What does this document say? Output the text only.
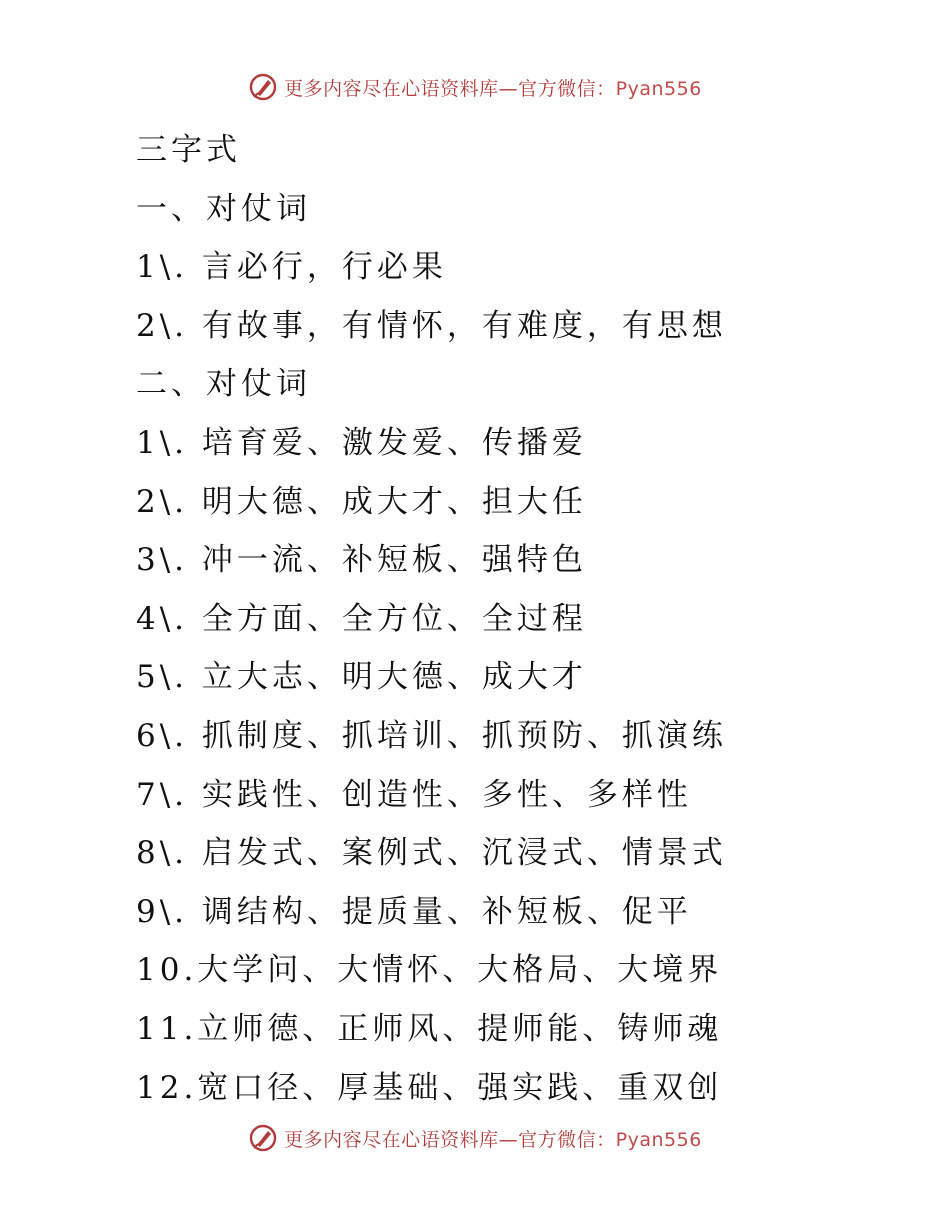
更多内容尽在心语资料库—官方微信：Pyan556
三字式
一、对仗词
1\. 言必行，行必果
2\. 有故事，有情怀，有难度，有思想
二、对仗词
1\. 培育爱、激发爱、传播爱
2\. 明大德、成大才、担大任
3\. 冲一流、补短板、强特色
4\. 全方面、全方位、全过程
5\. 立大志、明大德、成大才
6\. 抓制度、抓培训、抓预防、抓演练
7\. 实践性、创造性、多性、多样性
8\. 启发式、案例式、沉浸式、情景式
9\. 调结构、提质量、补短板、促平
10.大学问、大情怀、大格局、大境界
11.立师德、正师风、提师能、铸师魂
12.宽口径、厚基础、强实践、重双创
更多内容尽在心语资料库—官方微信：Pyan556
